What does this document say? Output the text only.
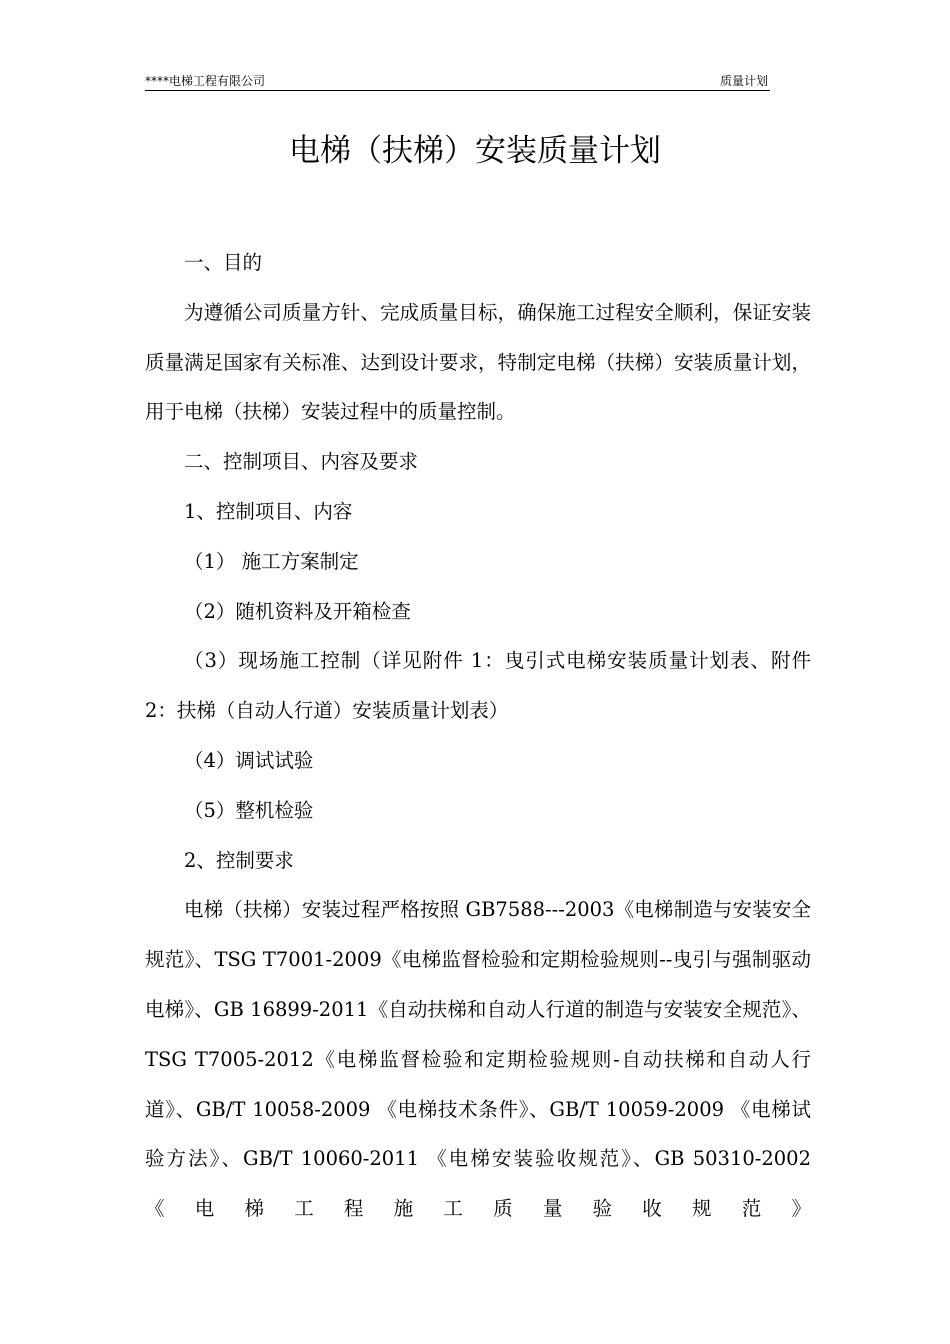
****电梯工程有限公司	质量计划
电梯（扶梯）安装质量计划

一、目的

为遵循公司质量方针、完成质量目标，确保施工过程安全顺利，保证安装质量满足国家有关标准、达到设计要求，特制定电梯（扶梯）安装质量计划，用于电梯（扶梯）安装过程中的质量控制。

二、控制项目、内容及要求

1、控制项目、内容

（1） 施工方案制定

（2）随机资料及开箱检查

（3）现场施工控制（详见附件 1：曳引式电梯安装质量计划表、附件 2：扶梯（自动人行道）安装质量计划表）

（4）调试试验

（5）整机检验

2、控制要求

电梯（扶梯）安装过程严格按照 GB7588---2003《电梯制造与安装安全规范》、TSG T7001-2009《电梯监督检验和定期检验规则--曳引与强制驱动电梯》、GB 16899-2011《自动扶梯和自动人行道的制造与安装安全规范》、 TSG T7005-2012《电梯监督检验和定期检验规则-自动扶梯和自动人行道》、GB/T 10058-2009 《电梯技术条件》、GB/T 10059-2009 《电梯试验方法》、GB/T 10060-2011 《电梯安装验收规范》、GB 50310-2002 《电梯工程施工质量验收规范》
